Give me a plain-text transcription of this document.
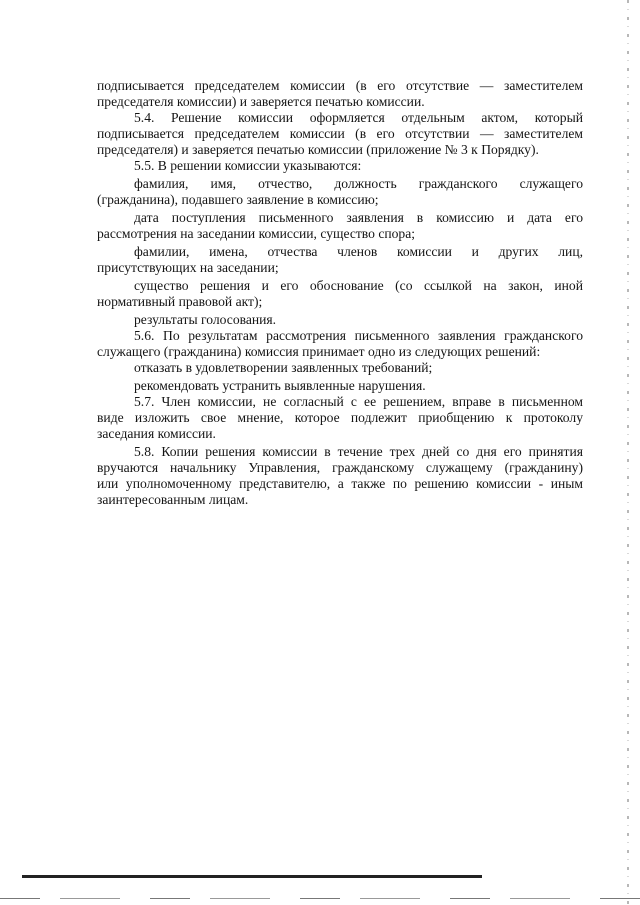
подписывается председателем комиссии (в его отсутствие — заместителем
председателя комиссии) и заверяется печатью комиссии.
5.4. Решение комиссии оформляется отдельным актом, который
подписывается председателем комиссии (в его отсутствии — заместителем
председателя) и заверяется печатью комиссии (приложение № 3 к Порядку).
5.5. В решении комиссии указываются:
фамилия, имя, отчество, должность гражданского служащего
(гражданина), подавшего заявление в комиссию;
дата поступления письменного заявления в комиссию и дата его
рассмотрения на заседании комиссии, существо спора;
фамилии, имена, отчества членов комиссии и других лиц,
присутствующих на заседании;
существо решения и его обоснование (со ссылкой на закон, иной
нормативный правовой акт);
результаты голосования.
5.6. По результатам рассмотрения письменного заявления гражданского
служащего (гражданина) комиссия принимает одно из следующих решений:
отказать в удовлетворении заявленных требований;
рекомендовать устранить выявленные нарушения.
5.7. Член комиссии, не согласный с ее решением, вправе в письменном
виде изложить свое мнение, которое подлежит приобщению к протоколу
заседания комиссии.
5.8. Копии решения комиссии в течение трех дней со дня его принятия
вручаются начальнику Управления, гражданскому служащему (гражданину)
или уполномоченному представителю, а также по решению комиссии - иным
заинтересованным лицам.
